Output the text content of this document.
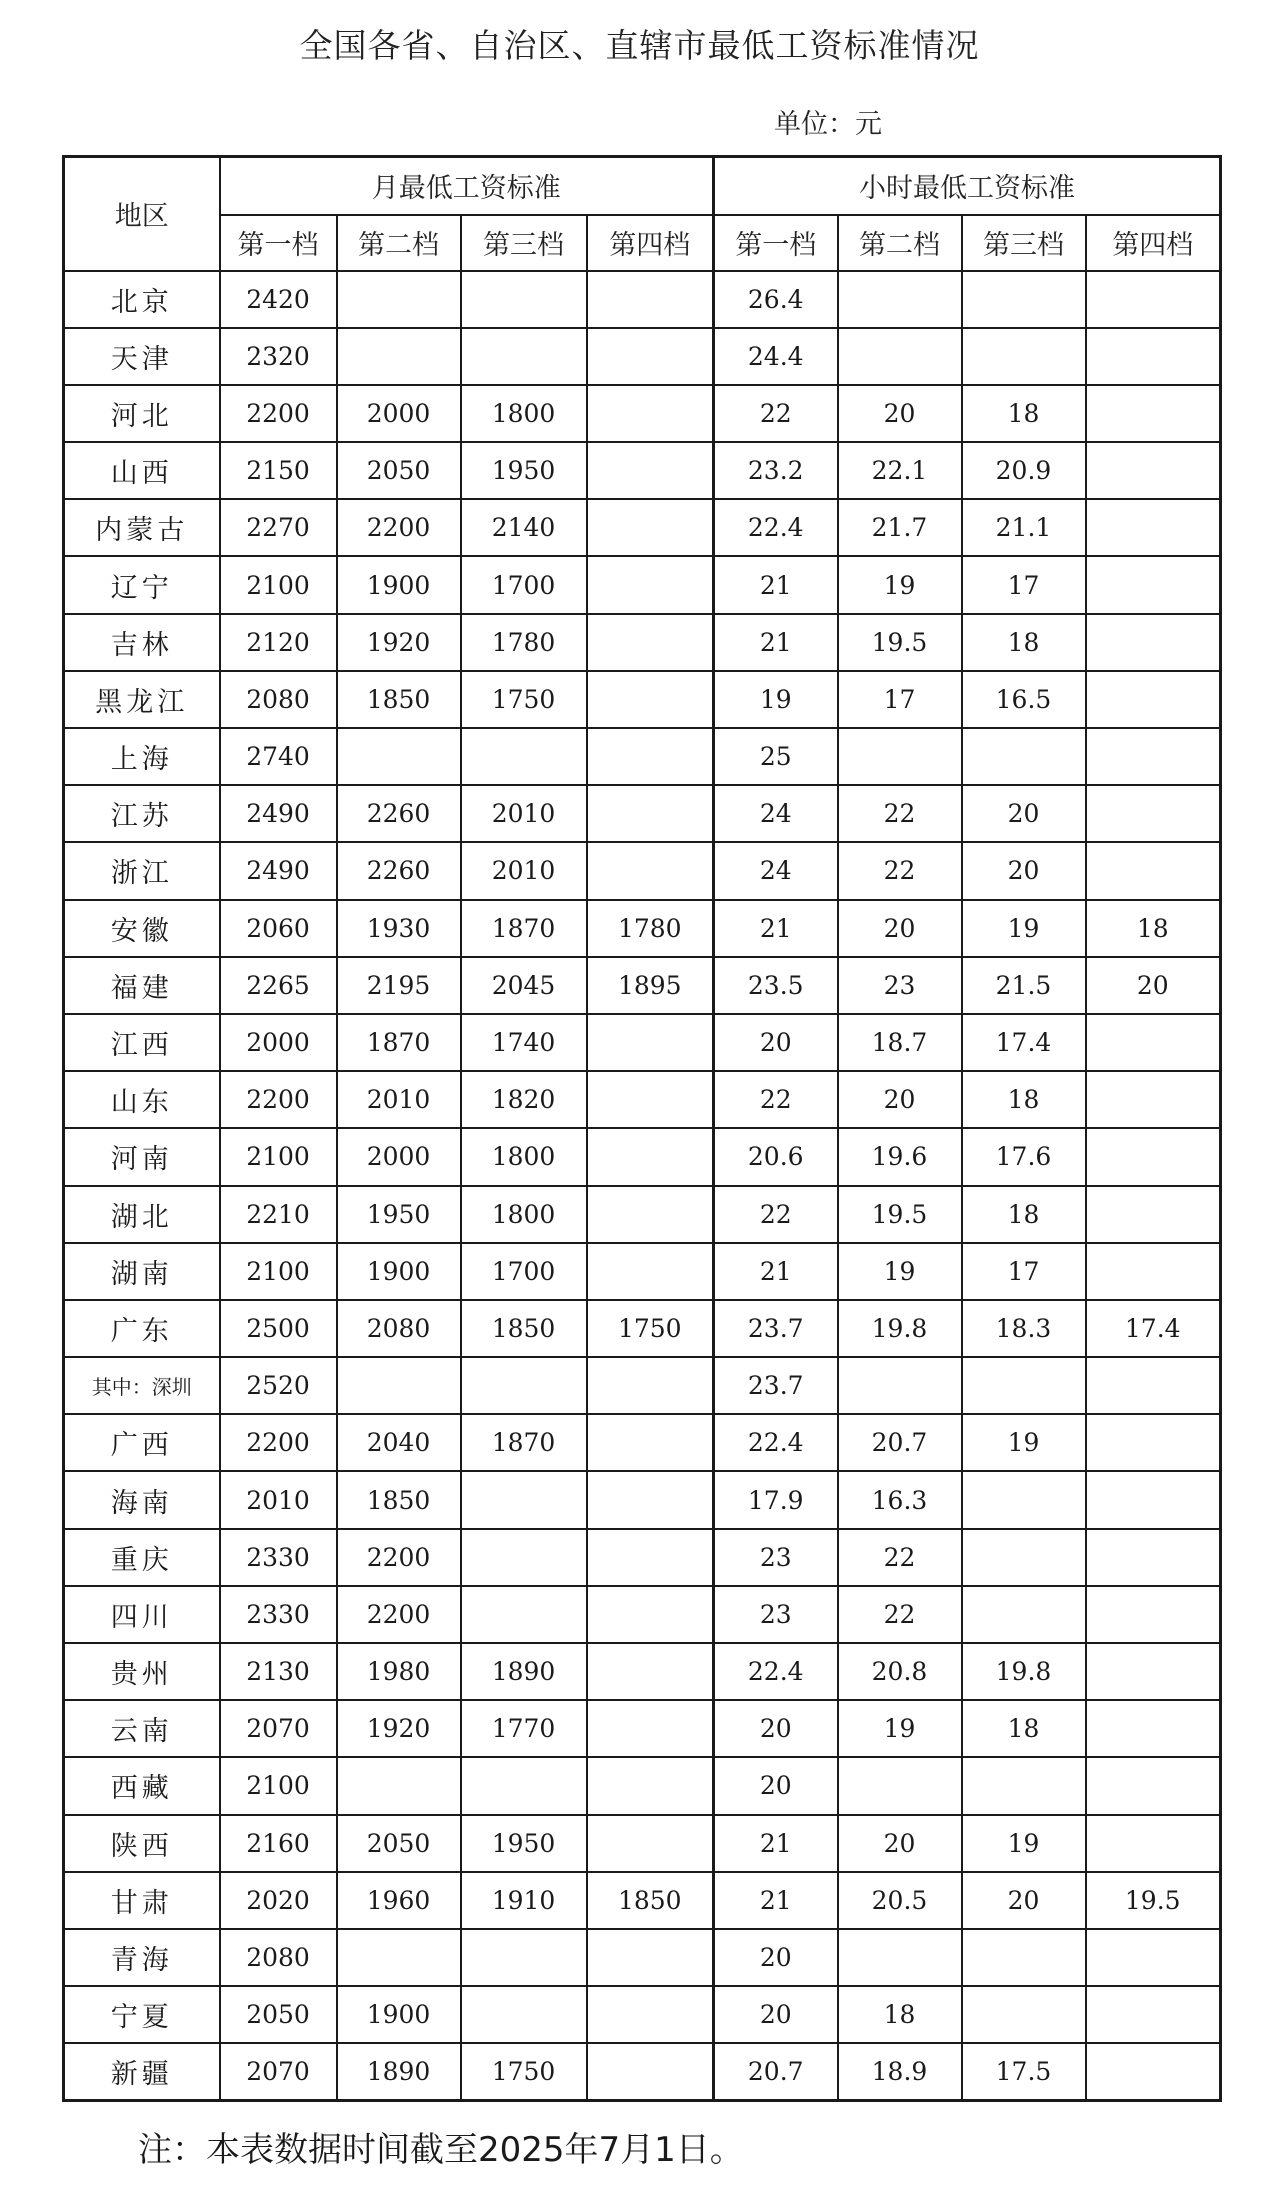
全国各省、自治区、直辖市最低工资标准情况
单位：元
地区	月最低工资标准				小时最低工资标准			
	第一档	第二档	第三档	第四档	第一档	第二档	第三档	第四档
北京	2420				26.4			
天津	2320				24.4			
河北	2200	2000	1800		22	20	18	
山西	2150	2050	1950		23.2	22.1	20.9	
内蒙古	2270	2200	2140		22.4	21.7	21.1	
辽宁	2100	1900	1700		21	19	17	
吉林	2120	1920	1780		21	19.5	18	
黑龙江	2080	1850	1750		19	17	16.5	
上海	2740				25			
江苏	2490	2260	2010		24	22	20	
浙江	2490	2260	2010		24	22	20	
安徽	2060	1930	1870	1780	21	20	19	18
福建	2265	2195	2045	1895	23.5	23	21.5	20
江西	2000	1870	1740		20	18.7	17.4	
山东	2200	2010	1820		22	20	18	
河南	2100	2000	1800		20.6	19.6	17.6	
湖北	2210	1950	1800		22	19.5	18	
湖南	2100	1900	1700		21	19	17	
广东	2500	2080	1850	1750	23.7	19.8	18.3	17.4
其中：深圳	2520				23.7			
广西	2200	2040	1870		22.4	20.7	19	
海南	2010	1850			17.9	16.3		
重庆	2330	2200			23	22		
四川	2330	2200			23	22		
贵州	2130	1980	1890		22.4	20.8	19.8	
云南	2070	1920	1770		20	19	18	
西藏	2100				20			
陕西	2160	2050	1950		21	20	19	
甘肃	2020	1960	1910	1850	21	20.5	20	19.5
青海	2080				20			
宁夏	2050	1900			20	18		
新疆	2070	1890	1750		20.7	18.9	17.5	
注：本表数据时间截至2025年7月1日。
